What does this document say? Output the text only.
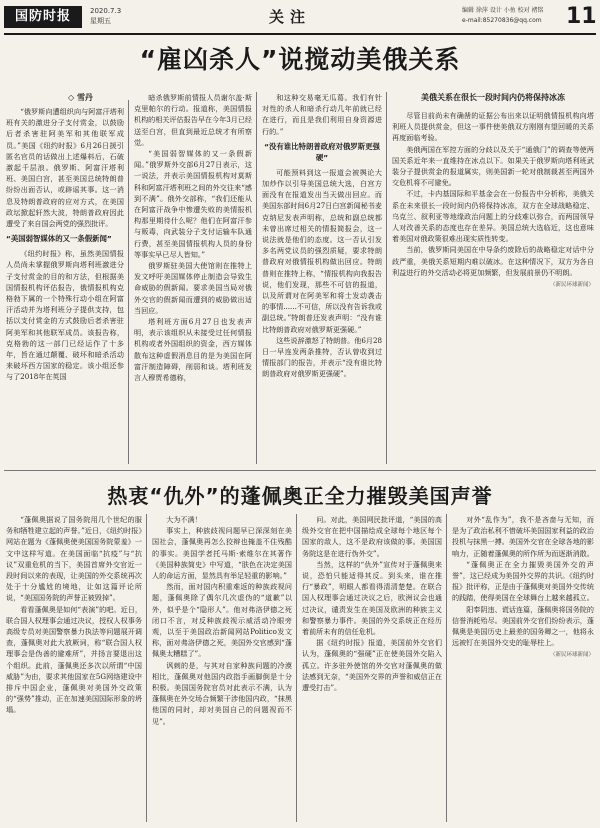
国防时报	2020.7.3
星期五	关注	编辑 徐萍 设计 小鱼 校对 褚铭
e-mail:85270836@qq.com	11
“雇凶杀人”说搅动美俄关系
◇ 雪丹

“俄罗斯向遭组织向与阿富汗塔利班有关的激进分子支付赏金，以鼓励后者杀害驻阿美军和其他联军成员。”美国《纽约时报》6月26日援引匿名官员的话做出上述爆料后，石破激起千层浪。俄罗斯、阿富汗塔利班、美国白宫，甚至美国总统特朗普纷纷出面否认，或辟谣其事。这一消息及特朗普政府的应对方式，在美国政坛掀起轩然大波，特朗普政府因此遭受了来自国会两党的强烈批评。

“美国弱智媒体的又一条假新闻”

《纽约时报》称，虽然美国情报人员尚未掌握俄罗斯向塔利班激进分子支付赏金的目的和方法，但根据美国情报机构评估报告，俄情报机构克格勃下属的一个特殊行动小组在阿富汗活动并为塔利班分子提供支持，包括以支付赏金的方式鼓励后者杀害驻阿美军和其他联军成员。该报告称，克格勃的这一部门已经运作了十多年，旨在通过颠覆、破坏和暗杀活动来破坏西方国家的稳定。该小组还参与了2018年在英国

暗杀俄罗斯前情报人员谢尔盖·斯克里帕尔的行动。报道称，美国情报机构的相关评估报告早在今年3月已经送至白宫，但直到最近总统才有所察觉。

“美国弱智媒体的又一条假新闻。”俄罗斯外交部6月27日表示，这一说法，并表示美国情报机构对莫斯科和阿富汗塔利班之间的外交往来“感到不满”。俄外交部称，“我们还能从在阿富汗战争中惨遭失败的美情报机构那里期待什么呢？他们在阿富汗参与贩毒，向武装分子支付运输车队通行费，甚至美国情报机构人员的身份等事实早已尽人皆知。”

俄罗斯驻美国大使馆则在推特上发文呼吁美国媒体停止制造会导致生命威胁的假新闻。要求美国当局对俄外交官的假新闻而遭到的威胁做出适当回应。

塔利班方面6月27日也发表声明，表示该组织从未接受过任何情报机构或者外国组织的资金，西方媒体散布这种虚假消息目的是为美国在阿富汗制造障碍，削弱和谈。塔利班发言人穆贾希德称，

和这种交易毫无瓜葛。我们有针对性的杀人和暗杀行动几年前就已经在进行，而且是我们利用自身资源进行的。”

“没有谁比特朗普政府对俄罗斯更强硬”

可能预料到这一报道会被舆论大加炒作以引导美国总统大选，白宫方面没有在报道发出当天做出回应。而美国东部时间6月27日白宫新闻秘书麦克纳尼发表声明称，总统和副总统都未曾出席过相关的情报简报会，这一说法就是他们的态度。这一否认引发多名两党议员的强烈质疑，要求特朗普政府对俄情报机构做出回应。特朗普则在推特上称，“情报机构向我报告说，他们发现，那些不可信的报道，以及所谓对在阿美军和将士发动袭击的事情......不可信，所以没有告诉我或副总统。”特朗普还发表声明：“没有谁比特朗普政府对俄罗斯更强硬。”

这些说辞激怒了特朗普。他6月28日一早连发两条推特，否认曾收到过情报部门的报告，并表示“没有谁比特朗普政府对俄罗斯更强硬”。

美俄关系在很长一段时间内仍将保持冰冻

尽管目前尚未有确凿的证据公布出来以证明俄情报机构向塔利班人员提供赏金，但这一事件使美俄双方刚刚有望回暖的关系再度面临考验。

美俄两国在军控方面的分歧以及关于“通俄门”的调查等使两国关系近年来一直维持在冰点以下。如果关于俄罗斯向塔利班武装分子提供赏金的报道属实，则美国新一轮对俄制裁甚至两国外交危机将不可避免。

不过，卡内基国际和平基金会在一份报告中分析称，美俄关系在未来很长一段时间内仍将保持冰冻，双方在全球战略稳定、乌克兰、叙利亚等地缘政治问题上的分歧难以弥合，而两国领导人对改善关系的态度也存在差异。美国总统大选临近，这也意味着美国对俄政策很难出现实质性转变。

当前，俄罗斯同美国在中导条约废除后的战略稳定对话中分歧严重，美俄关系短期内难以破冰。在这种情况下，双方为各自利益进行的外交活动必将更加频繁，但发展前景仍不明朗。

（新民环球新闻）
热衷“仇外”的蓬佩奥正全力摧毁美国声誉

“蓬佩奥据说了国务院用几个世纪的服务和牺牲建立起的声誉。”近日，《纽约时报》网站在题为《蓬佩奥使美国国务院蒙羞》一文中这样写道。在美国面临“抗疫”与“抗议”双重危机的当下，美国首席外交官近一段时间以来的表现，让美国的外交系统再次处于十分尴尬的境地，让如这篇评论所说，“美国国务院的声誉正被毁掉”。

看看蓬佩奥是如何“表演”的吧。近日，联合国人权理事会通过决议，授权人权事务高级专员对美国警察暴力执法等问题展开调查，蓬佩奥对此大放厥词，称“联合国人权理事会是伪善的避难所”，并扬言要退出这个组织。此前，蓬佩奥还多次以所谓“中国威胁”为由，要求其他国家在5G网络建设中排斥中国企业，蓬佩奥对美国外交政策的“强势”推动，正在加速美国国际形象的坍塌。

大为不满！

事实上，种族歧视问题早已深深刻在美国社会，蓬佩奥再怎么狡辩也掩盖不住残酷的事实。美国学者托马斯·索维尔在其著作《美国种族简史》中写道，“肤色在决定美国人的命运方面，显然具有举足轻重的影响。”

然而，面对国内积重难返的种族歧视问题，蓬佩奥除了偶尔几次虚伪的“道歉”以外，似乎是个“隐形人”。他对弗洛伊德之死闭口不言，对反种族歧视示威活动冷眼旁观，以至于美国政治新闻网站Politico发文称，面对弗洛伊德之死，美国外交官感到“蓬佩奥太糟糕了”。

讽刺的是，与其对自家种族问题的冷漠相比，蓬佩奥对他国内政指手画脚倒是十分积极。美国国务院官员对此表示不满，认为蓬佩奥在外交场合频繁干涉他国内政，“抹黑他国的同时，却对美国自己的问题视而不见”。

问。对此，美国网民批评道，“美国的高级外交官在把中国描绘成全球每个地区每个国家的敌人，这不是政府该做的事。美国国务院这是在进行伪外交”。

当然，这样的“仇外”宣传对于蓬佩奥来说，恐怕只能适得其反。到头来，谁在推行“暴政”，明眼人都看得清清楚楚。在联合国人权理事会通过决议之后，欧洲议会也通过决议，谴责发生在美国及欧洲的种族主义和警察暴力事件。美国的外交系统正在经历着前所未有的信任危机。

据《纽约时报》报道，美国前外交官们认为，蓬佩奥的“强硬”正在使美国外交陷入孤立。许多驻外使馆的外交官对蓬佩奥的做法感到无奈，“美国外交界的声誉和威信正在遭受打击”。

对外“乱作为”，我不是吝啬与无知，而是为了政治私利不惜破坏美国国家利益的政治投机与抹黑一搏。美国外交官在全球各地的影响力，正随着蓬佩奥的所作所为而逐渐消散。

“蓬佩奥正在全力摧毁美国外交的声誉”，这已经成为美国外交界的共识。《纽约时报》批评称，正是由于蓬佩奥对美国外交传统的践踏，使得美国在全球舞台上越来越孤立。

阳奉阴违、谎话连篇，蓬佩奥将国务院的信誉消耗殆尽。美国前外交官们纷纷表示，蓬佩奥是美国历史上最差的国务卿之一，他将永远被钉在美国外交史的耻辱柱上。

（新民环球新闻）
